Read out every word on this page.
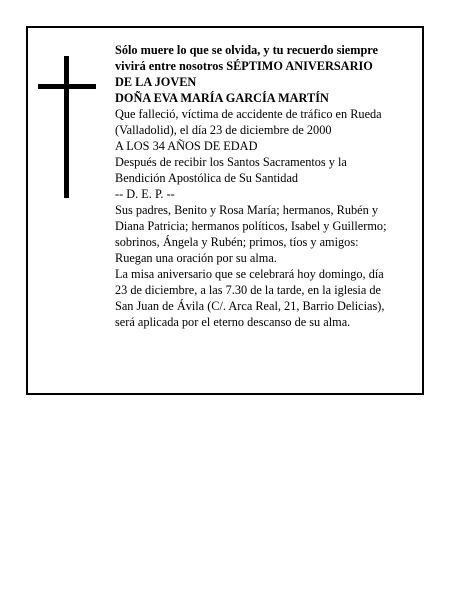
Sólo muere lo que se olvida, y tu recuerdo siempre

vivirá entre nosotros SÉPTIMO ANIVERSARIO

DE LA JOVEN

DOÑA EVA MARÍA GARCÍA MARTÍN

Que falleció, víctima de accidente de tráfico en Rueda

(Valladolid), el día 23 de diciembre de 2000

A LOS 34 AÑOS DE EDAD

Después de recibir los Santos Sacramentos y la

Bendición Apostólica de Su Santidad

-- D. E. P. --

Sus padres, Benito y Rosa María; hermanos, Rubén y

Diana Patricia; hermanos políticos, Isabel y Guillermo;

sobrinos, Ángela y Rubén; primos, tíos y amigos:

Ruegan una oración por su alma.

La misa aniversario que se celebrará hoy domingo, día

23 de diciembre, a las 7.30 de la tarde, en la iglesia de

San Juan de Ávila (C/. Arca Real, 21, Barrio Delicias),

será aplicada por el eterno descanso de su alma.
